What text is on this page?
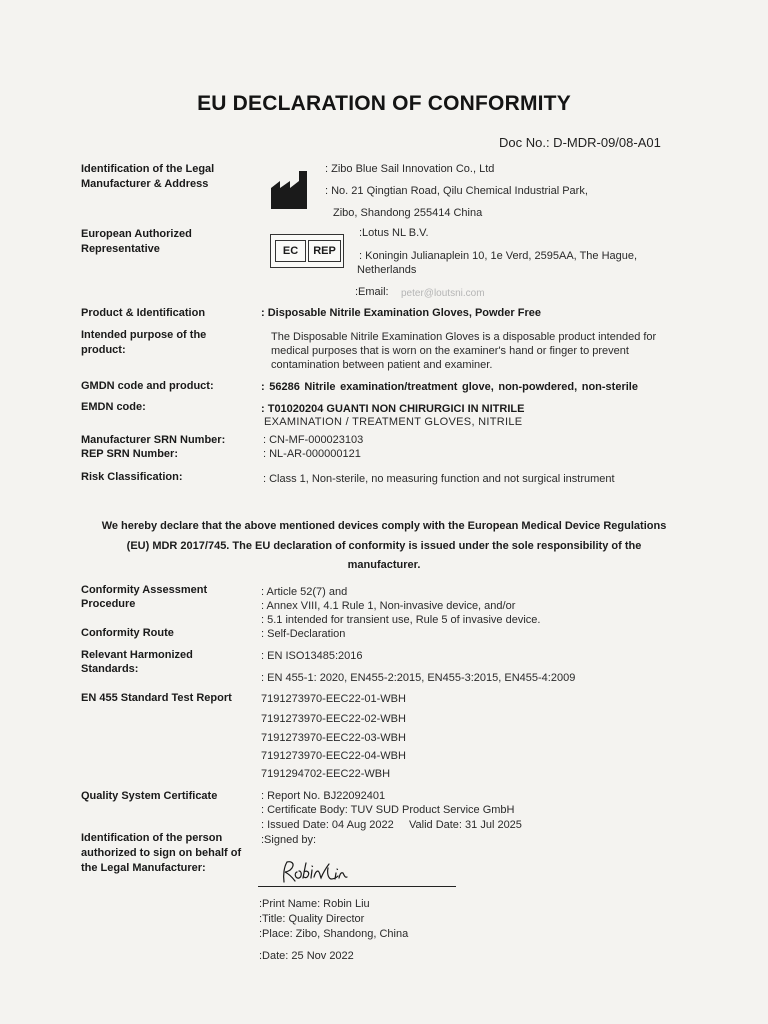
EU DECLARATION OF CONFORMITY
Doc No.: D-MDR-09/08-A01
Identification of the Legal
Manufacturer & Address
: Zibo Blue Sail Innovation Co., Ltd
: No. 21 Qingtian Road, Qilu Chemical Industrial Park,
Zibo, Shandong 255414 China
European Authorized
Representative	EC	REP
:Lotus NL B.V.
: Koningin Julianaplein 10, 1e Verd, 2595AA, The Hague,
Netherlands
:Email: peter@loutsni.com
Product & Identification	: Disposable Nitrile Examination Gloves, Powder Free
Intended purpose of the
product:
The Disposable Nitrile Examination Gloves is a disposable product intended for
medical purposes that is worn on the examiner's hand or finger to prevent
contamination between patient and examiner.
GMDN code and product:	: 56286 Nitrile examination/treatment glove, non-powdered, non-sterile
EMDN code:	: T01020204 GUANTI NON CHIRURGICI IN NITRILE
EXAMINATION / TREATMENT GLOVES, NITRILE
Manufacturer SRN Number:	: CN-MF-000023103
REP SRN Number:	: NL-AR-000000121
Risk Classification:	: Class 1, Non-sterile, no measuring function and not surgical instrument
We hereby declare that the above mentioned devices comply with the European Medical Device Regulations
(EU) MDR 2017/745. The EU declaration of conformity is issued under the sole responsibility of the
manufacturer.
Conformity Assessment
Procedure
: Article 52(7) and
: Annex VIII, 4.1 Rule 1, Non-invasive device, and/or
: 5.1 intended for transient use, Rule 5 of invasive device.
Conformity Route	: Self-Declaration
Relevant Harmonized
Standards:
: EN ISO13485:2016
: EN 455-1: 2020, EN455-2:2015, EN455-3:2015, EN455-4:2009
EN 455 Standard Test Report	7191273970-EEC22-01-WBH
7191273970-EEC22-02-WBH
7191273970-EEC22-03-WBH
7191273970-EEC22-04-WBH
7191294702-EEC22-WBH
Quality System Certificate	: Report No. BJ22092401
: Certificate Body: TUV SUD Product Service GmbH
: Issued Date: 04 Aug 2022     Valid Date: 31 Jul 2025
Identification of the person
authorized to sign on behalf of
the Legal Manufacturer:
:Signed by:
:Print Name: Robin Liu
:Title: Quality Director
:Place: Zibo, Shandong, China
:Date: 25 Nov 2022
